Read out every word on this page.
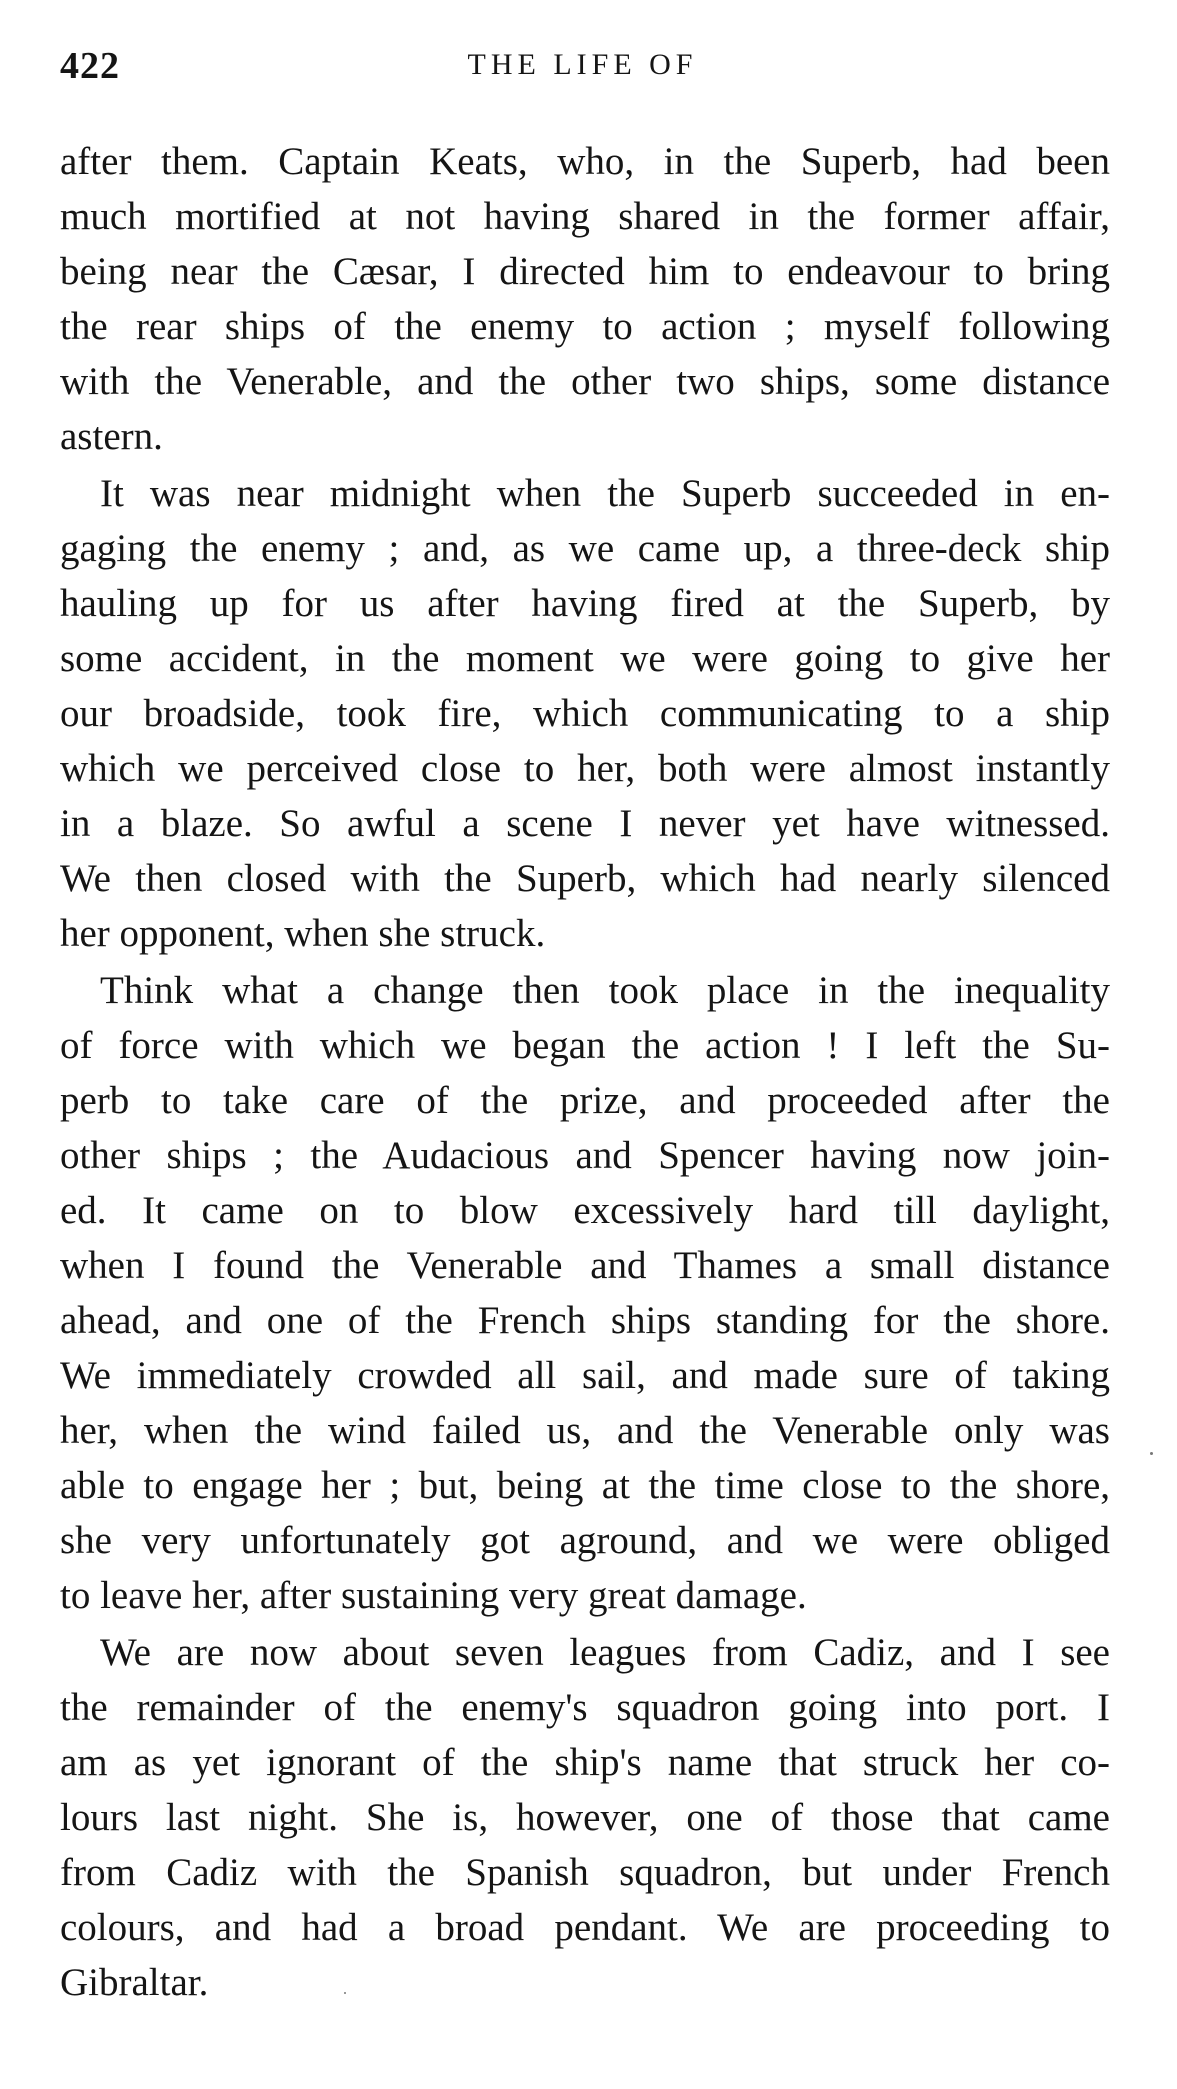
422	THE LIFE OF
after them. Captain Keats, who, in the Superb, had been
much mortified at not having shared in the former affair,
being near the Cæsar, I directed him to endeavour to bring
the rear ships of the enemy to action ; myself following
with the Venerable, and the other two ships, some distance
astern.
It was near midnight when the Superb succeeded in en-
gaging the enemy ; and, as we came up, a three-deck ship
hauling up for us after having fired at the Superb, by
some accident, in the moment we were going to give her
our broadside, took fire, which communicating to a ship
which we perceived close to her, both were almost instantly
in a blaze. So awful a scene I never yet have witnessed.
We then closed with the Superb, which had nearly silenced
her opponent, when she struck.
Think what a change then took place in the inequality
of force with which we began the action ! I left the Su-
perb to take care of the prize, and proceeded after the
other ships ; the Audacious and Spencer having now join-
ed. It came on to blow excessively hard till daylight,
when I found the Venerable and Thames a small distance
ahead, and one of the French ships standing for the shore.
We immediately crowded all sail, and made sure of taking
her, when the wind failed us, and the Venerable only was
able to engage her ; but, being at the time close to the shore,
she very unfortunately got aground, and we were obliged
to leave her, after sustaining very great damage.
We are now about seven leagues from Cadiz, and I see
the remainder of the enemy's squadron going into port. I
am as yet ignorant of the ship's name that struck her co-
lours last night. She is, however, one of those that came
from Cadiz with the Spanish squadron, but under French
colours, and had a broad pendant. We are proceeding to
Gibraltar.
